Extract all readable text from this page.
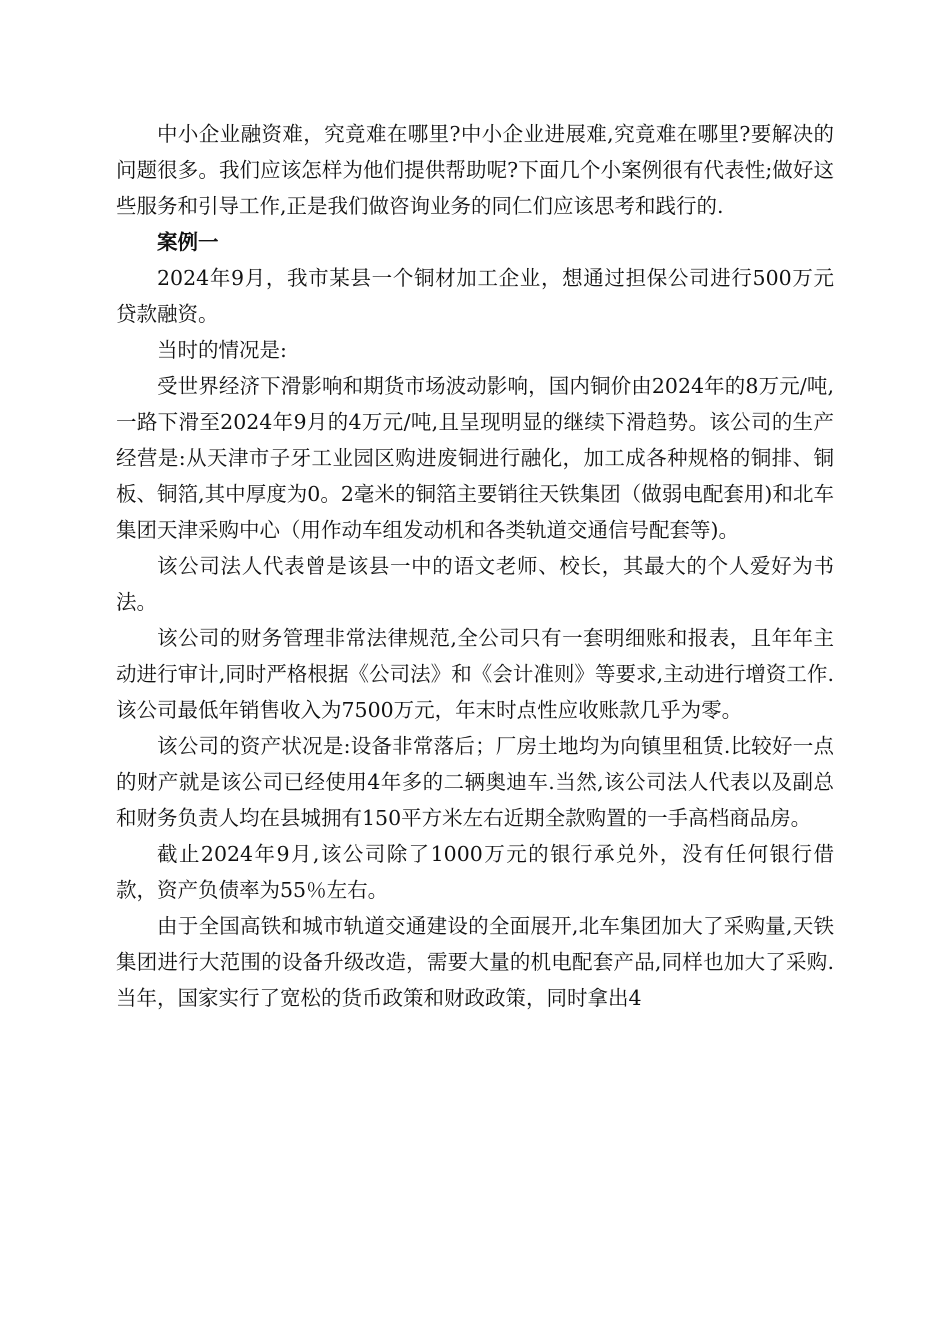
中小企业融资难，究竟难在哪里?中小企业进展难,究竟难在哪里?要解决的问题很多。我们应该怎样为他们提供帮助呢?下面几个小案例很有代表性;做好这些服务和引导工作,正是我们做咨询业务的同仁们应该思考和践行的.

案例一

2024年9月，我市某县一个铜材加工企业，想通过担保公司进行500万元贷款融资。

当时的情况是:

受世界经济下滑影响和期货市场波动影响，国内铜价由2024年的8万元/吨,一路下滑至2024年9月的4万元/吨,且呈现明显的继续下滑趋势。该公司的生产经营是:从天津市子牙工业园区购进废铜进行融化，加工成各种规格的铜排、铜板、铜箔,其中厚度为0。2毫米的铜箔主要销往天铁集团（做弱电配套用)和北车集团天津采购中心（用作动车组发动机和各类轨道交通信号配套等)。

该公司法人代表曾是该县一中的语文老师、校长，其最大的个人爱好为书法。

该公司的财务管理非常法律规范,全公司只有一套明细账和报表，且年年主动进行审计,同时严格根据《公司法》和《会计准则》等要求,主动进行增资工作.该公司最低年销售收入为7500万元，年末时点性应收账款几乎为零。

该公司的资产状况是:设备非常落后；厂房土地均为向镇里租赁.比较好一点的财产就是该公司已经使用4年多的二辆奥迪车.当然,该公司法人代表以及副总和财务负责人均在县城拥有150平方米左右近期全款购置的一手高档商品房。

截止2024年9月,该公司除了1000万元的银行承兑外，没有任何银行借款，资产负债率为55％左右。

由于全国高铁和城市轨道交通建设的全面展开,北车集团加大了采购量,天铁集团进行大范围的设备升级改造，需要大量的机电配套产品,同样也加大了采购.当年，国家实行了宽松的货币政策和财政政策，同时拿出4
